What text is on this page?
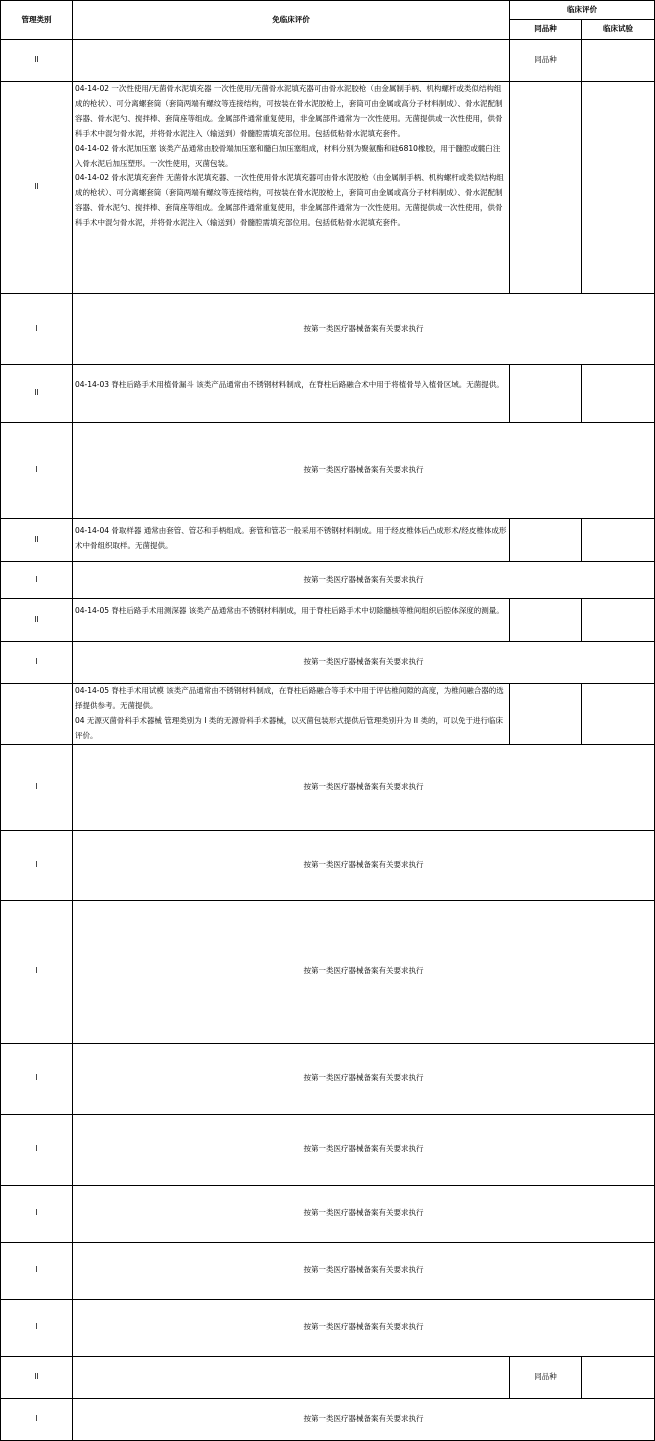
管理类别	免临床评价	临床评价	
		同品种	临床试验
II		同品种	
II	04-14-02 一次性使用/无菌骨水泥填充器 一次性使用/无菌骨水泥填充器可由骨水泥胶枪（由金属制手柄、机构螺杆或类似结构组成的枪状）、可分离螺套筒（套筒两端有螺纹等连接结构，可按装在骨水泥胶枪上，套筒可由金属或高分子材料制成）、骨水泥配制容器、骨水泥勺、搅拌棒、套筒座等组成。金属部件通常重复使用，非金属部件通常为一次性使用。无菌提供或一次性使用，供骨科手术中混匀骨水泥，并将骨水泥注入（输送到）骨髓腔需填充部位用。包括低粘骨水泥填充套件。
04-14-02 骨水泥加压塞 该类产品通常由胶骨端加压塞和髓臼加压塞组成，材料分别为聚氨酯和硅6810橡胶，用于髓腔或髋臼注入骨水泥后加压塑形。一次性使用，灭菌包装。
04-14-02 骨水泥填充套件 无菌骨水泥填充器、一次性使用骨水泥填充器可由骨水泥胶枪（由金属制手柄、机构螺杆或类似结构组成的枪状）、可分离螺套筒（套筒两端有螺纹等连接结构，可按装在骨水泥胶枪上，套筒可由金属或高分子材料制成）、骨水泥配制容器、骨水泥勺、搅拌棒、套筒座等组成。金属部件通常重复使用，非金属部件通常为一次性使用。无菌提供或一次性使用，供骨科手术中混匀骨水泥，并将骨水泥注入（输送到）骨髓腔需填充部位用。包括低粘骨水泥填充套件。		

I	按第一类医疗器械备案有关要求执行		
II	04-14-03 脊柱后路手术用植骨漏斗 该类产品通常由不锈钢材料制成，在脊柱后路融合术中用于将植骨导入植骨区域。无菌提供。		

I	按第一类医疗器械备案有关要求执行		
II	04-14-04 骨取样器 通常由套管、管芯和手柄组成。套管和管芯一般采用不锈钢材料制成。用于经皮椎体后凸成形术/经皮椎体成形术中骨组织取样。无菌提供。		

I	按第一类医疗器械备案有关要求执行		
II	04-14-05 脊柱后路手术用测深器 该类产品通常由不锈钢材料制成，用于脊柱后路手术中切除髓核等椎间组织后腔体深度的测量。		

I	按第一类医疗器械备案有关要求执行		

	04-14-05 脊柱手术用试模 该类产品通常由不锈钢材料制成，在脊柱后路融合等手术中用于评估椎间隙的高度，为椎间融合器的选择提供参考。无菌提供。
04 无源灭菌骨科手术器械 管理类别为 I 类的无源骨科手术器械，以灭菌包装形式提供后管理类别升为 II 类的，可以免于进行临床评价。		

I	按第一类医疗器械备案有关要求执行		
I	按第一类医疗器械备案有关要求执行		
I	按第一类医疗器械备案有关要求执行		
I	按第一类医疗器械备案有关要求执行		
I	按第一类医疗器械备案有关要求执行		
I	按第一类医疗器械备案有关要求执行		
I	按第一类医疗器械备案有关要求执行		
I	按第一类医疗器械备案有关要求执行		
II		同品种	
I	按第一类医疗器械备案有关要求执行		
